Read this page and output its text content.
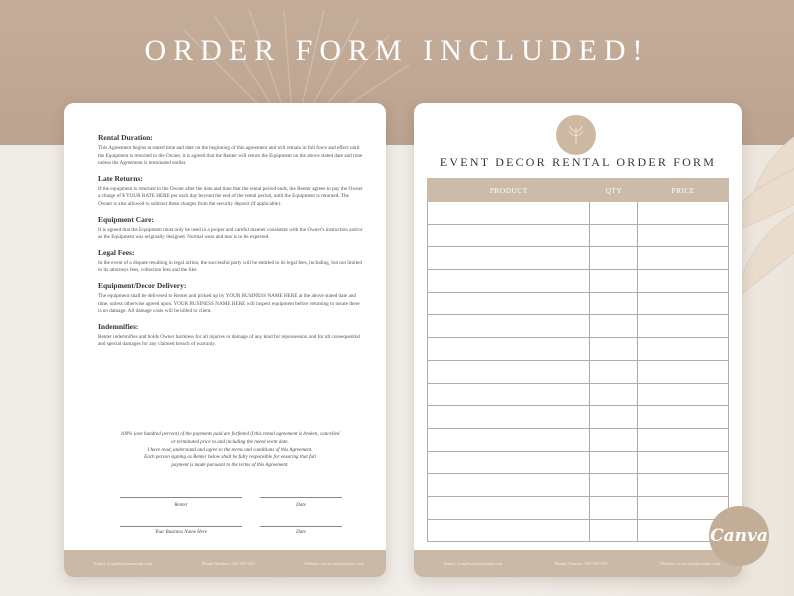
ORDER FORM INCLUDED!
Rental Duration:

This Agreement begins at stated time and date on the beginning of this agreement and will remain in full force and effect until the Equipment is returned to the Owner, it is agreed that the Renter will return the Equipment on the above stated date and time unless the Agreement is terminated earlier.

Late Returns:

If the equipment is returned to the Owner after the date and time that the rental period ends, the Renter agrees to pay the Owner a charge of $ YOUR RATE HERE per each day beyond the end of the rental period, until the Equipment is returned. The Owner is also allowed to subtract these charges from the security deposit (if applicable).

Equipment Care:

It is agreed that the Equipment must only be used in a proper and careful manner consistent with the Owner's instruction and/or as the Equipment was originally designed. Normal wear and tear is to be expected.

Legal Fees:

In the event of a dispute resulting in legal action, the successful party will be entitled to its legal fees, including, but not limited to its attorneys fees, collection fees and the like.

Equipment/Decor Delivery:

The equipment shall be delivered to Renter and picked up by YOUR BUSINESS NAME HERE at the above stated date and time, unless otherwise agreed upon. YOUR BUSINESS NAME HERE will inspect equipment before returning to insure there is no damage. All damage costs will be billed to client.

Indemnifies:

Renter indemnifies and holds Owner harmless for all injuries or damage of any kind for repossession and for all consequential and special damages for any claimed breach of warranty.

100% (one hundred percent) of the payments paid are forfeited if this rental agreement is broken, cancelled
or terminated prior to and including the noted event date.
I have read, understand and agree to the terms and conditions of this Agreement.
Each person signing as Renter below shall be fully responsible for ensuring that full
payment is made pursuant to the terms of this Agreement.
Renter	Date
Your Business Name Here	Date
Email: you@businessemail.com	Phone Number: 555-555-555	Website: www.yourbusiness.com
EVENT DECOR RENTAL ORDER FORM
PRODUCT	QTY	PRICE

Email: you@businessemail.com	Phone Number: 555-555-555	Website: www.yourbusiness.com
Canva
